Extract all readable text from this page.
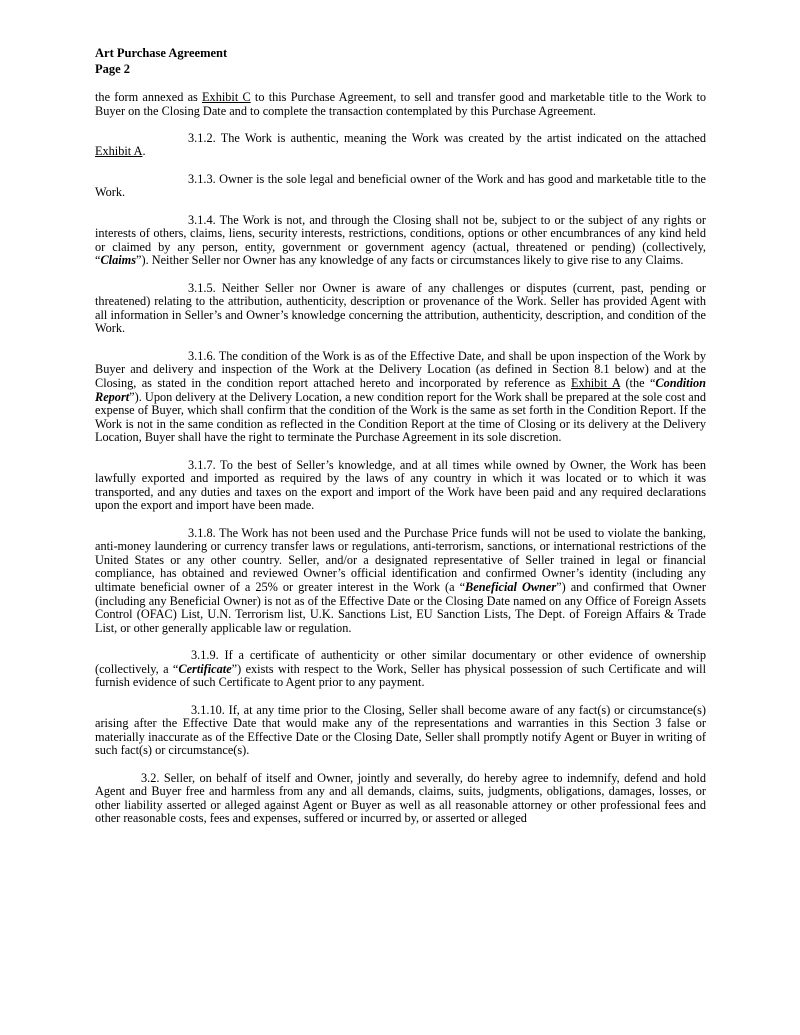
Art Purchase Agreement
Page 2

the form annexed as Exhibit C to this Purchase Agreement, to sell and transfer good and marketable title to the Work to Buyer on the Closing Date and to complete the transaction contemplated by this Purchase Agreement.

3.1.2. The Work is authentic, meaning the Work was created by the artist indicated on the attached Exhibit A.

3.1.3. Owner is the sole legal and beneficial owner of the Work and has good and marketable title to the Work.

3.1.4. The Work is not, and through the Closing shall not be, subject to or the subject of any rights or interests of others, claims, liens, security interests, restrictions, conditions, options or other encumbrances of any kind held or claimed by any person, entity, government or government agency (actual, threatened or pending) (collectively, “Claims”). Neither Seller nor Owner has any knowledge of any facts or circumstances likely to give rise to any Claims.

3.1.5. Neither Seller nor Owner is aware of any challenges or disputes (current, past, pending or threatened) relating to the attribution, authenticity, description or provenance of the Work. Seller has provided Agent with all information in Seller’s and Owner’s knowledge concerning the attribution, authenticity, description, and condition of the Work.

3.1.6. The condition of the Work is as of the Effective Date, and shall be upon inspection of the Work by Buyer and delivery and inspection of the Work at the Delivery Location (as defined in Section 8.1 below) and at the Closing, as stated in the condition report attached hereto and incorporated by reference as Exhibit A (the “Condition Report”). Upon delivery at the Delivery Location, a new condition report for the Work shall be prepared at the sole cost and expense of Buyer, which shall confirm that the condition of the Work is the same as set forth in the Condition Report. If the Work is not in the same condition as reflected in the Condition Report at the time of Closing or its delivery at the Delivery Location, Buyer shall have the right to terminate the Purchase Agreement in its sole discretion.

3.1.7. To the best of Seller’s knowledge, and at all times while owned by Owner, the Work has been lawfully exported and imported as required by the laws of any country in which it was located or to which it was transported, and any duties and taxes on the export and import of the Work have been paid and any required declarations upon the export and import have been made.

3.1.8. The Work has not been used and the Purchase Price funds will not be used to violate the banking, anti-money laundering or currency transfer laws or regulations, anti-terrorism, sanctions, or international restrictions of the United States or any other country. Seller, and/or a designated representative of Seller trained in legal or financial compliance, has obtained and reviewed Owner’s official identification and confirmed Owner’s identity (including any ultimate beneficial owner of a 25% or greater interest in the Work (a “Beneficial Owner”) and confirmed that Owner (including any Beneficial Owner) is not as of the Effective Date or the Closing Date named on any Office of Foreign Assets Control (OFAC) List, U.N. Terrorism list, U.K. Sanctions List, EU Sanction Lists, The Dept. of Foreign Affairs & Trade List, or other generally applicable law or regulation.

3.1.9. If a certificate of authenticity or other similar documentary or other evidence of ownership (collectively, a “Certificate”) exists with respect to the Work, Seller has physical possession of such Certificate and will furnish evidence of such Certificate to Agent prior to any payment.

3.1.10. If, at any time prior to the Closing, Seller shall become aware of any fact(s) or circumstance(s) arising after the Effective Date that would make any of the representations and warranties in this Section 3 false or materially inaccurate as of the Effective Date or the Closing Date, Seller shall promptly notify Agent or Buyer in writing of such fact(s) or circumstance(s).

3.2. Seller, on behalf of itself and Owner, jointly and severally, do hereby agree to indemnify, defend and hold Agent and Buyer free and harmless from any and all demands, claims, suits, judgments, obligations, damages, losses, or other liability asserted or alleged against Agent or Buyer as well as all reasonable attorney or other professional fees and other reasonable costs, fees and expenses, suffered or incurred by, or asserted or alleged
